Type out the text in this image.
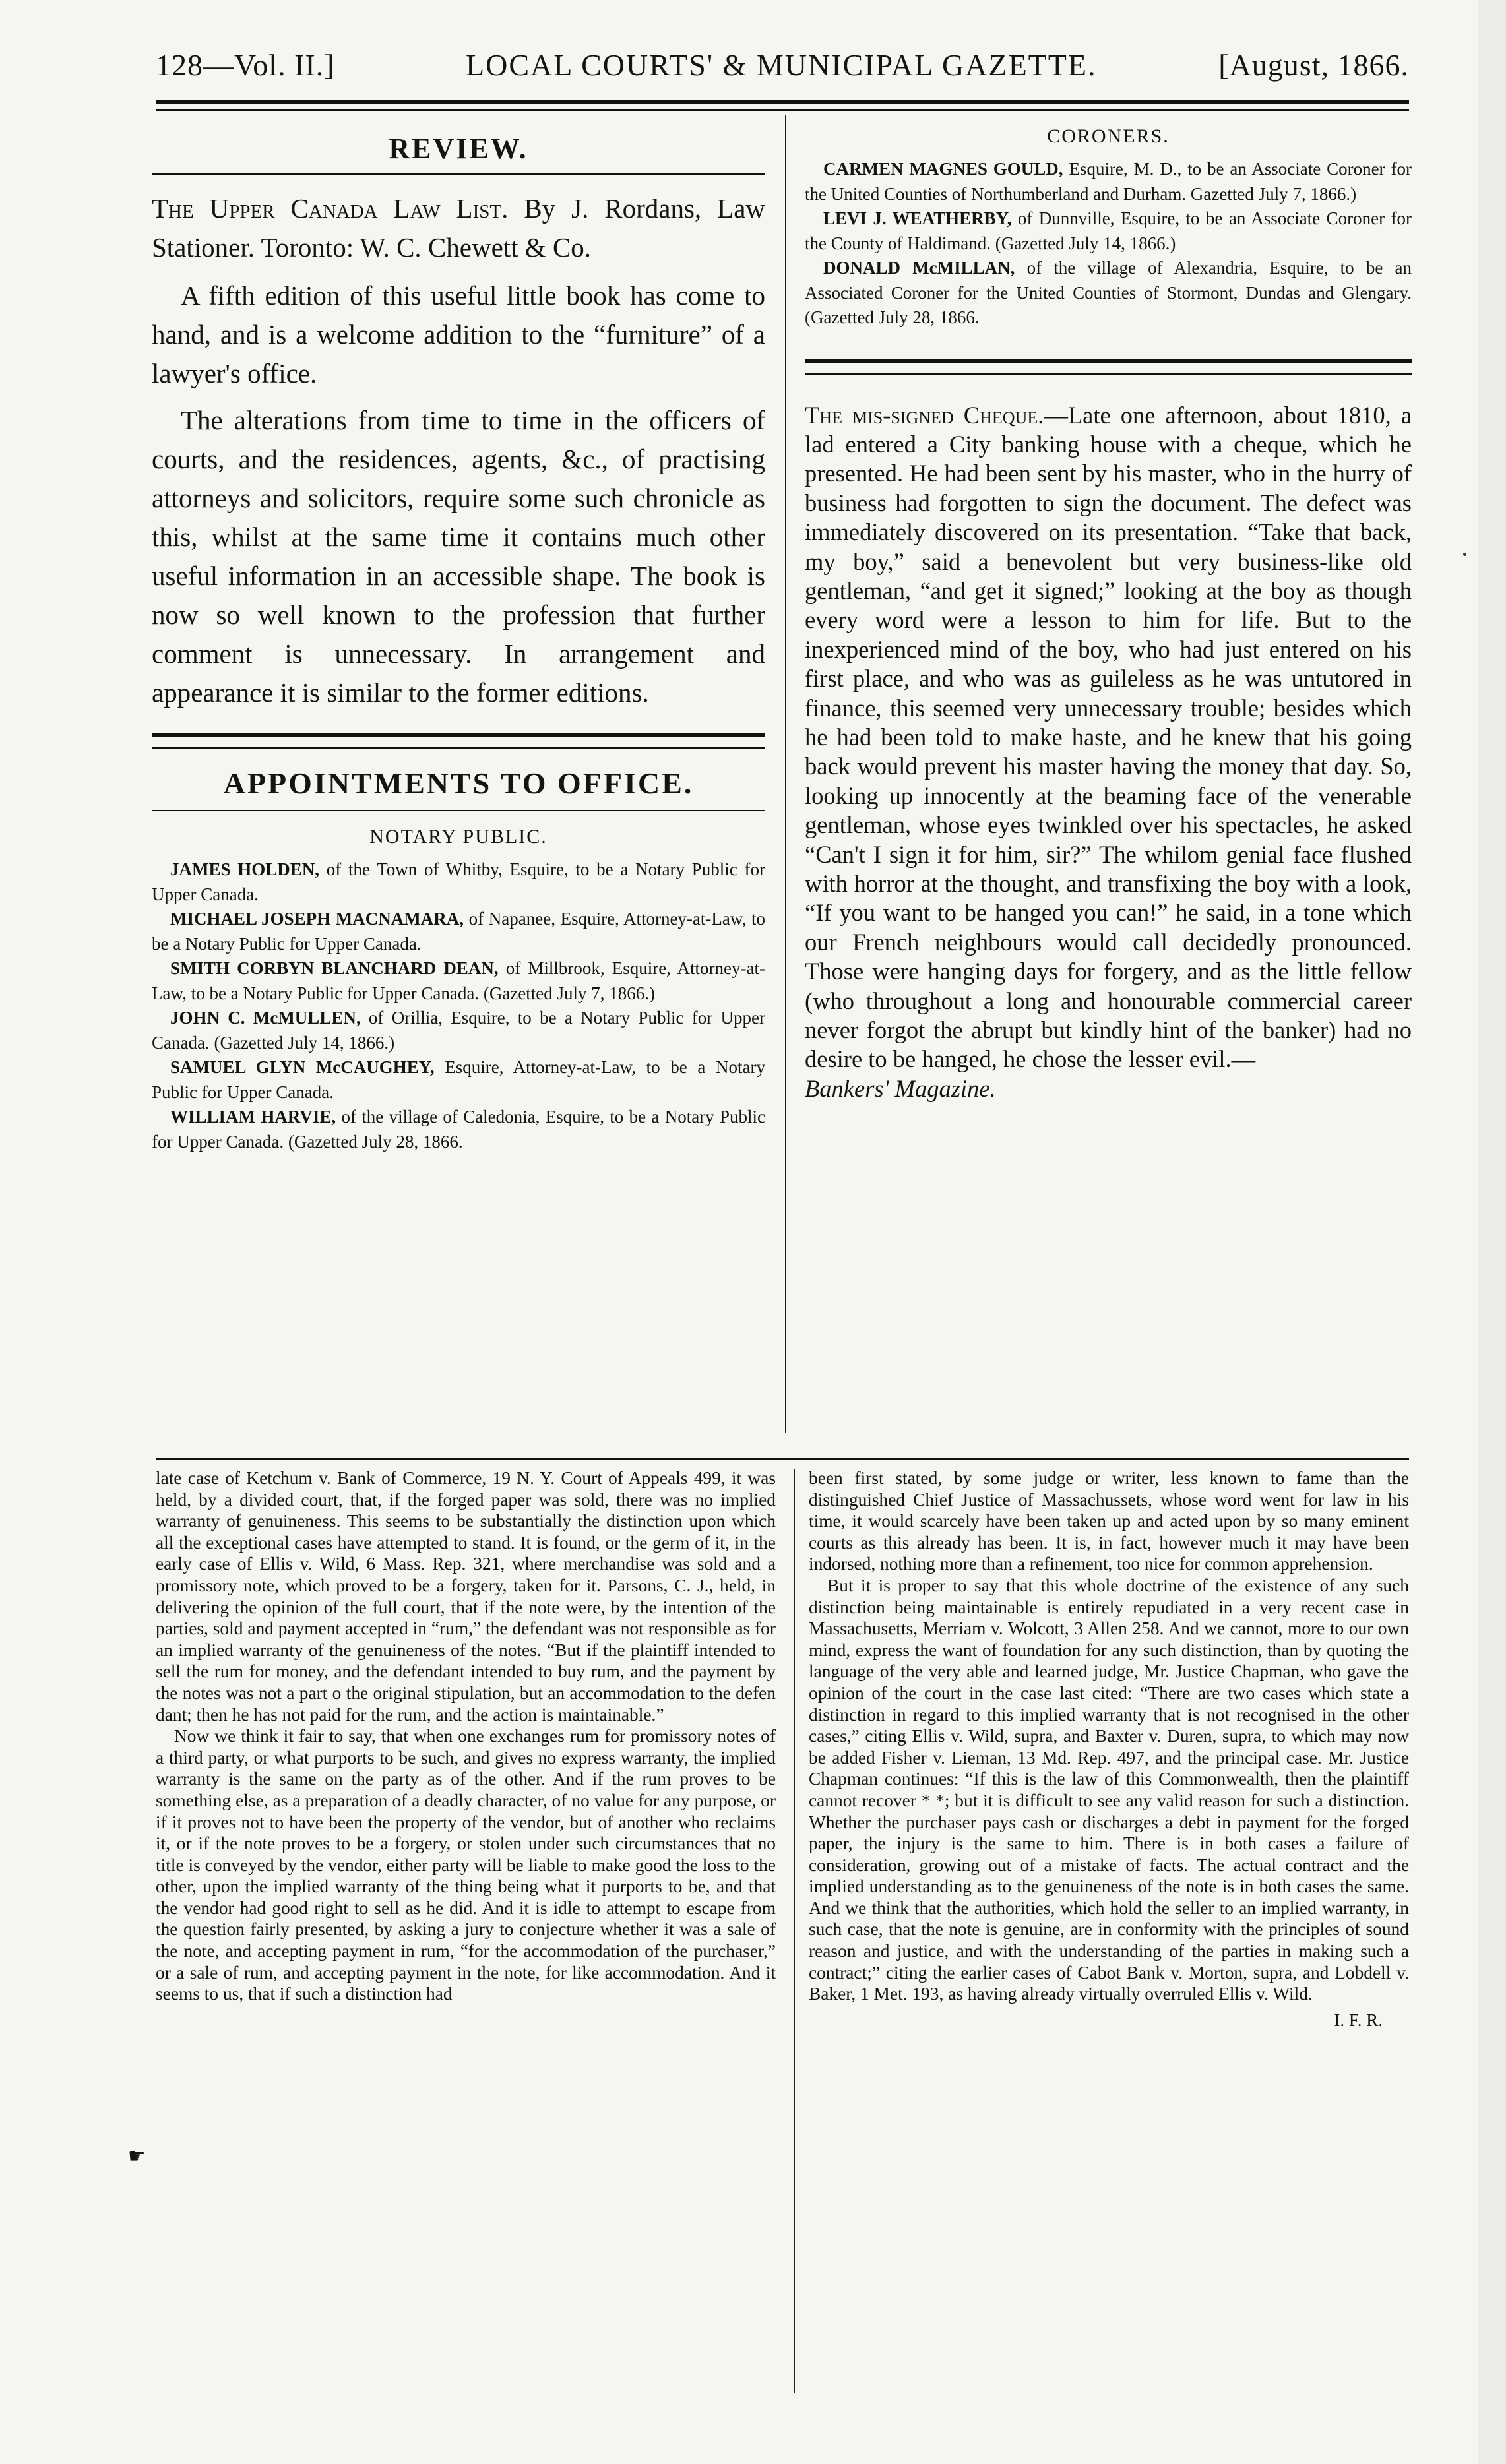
128—Vol. II.]	LOCAL COURTS' & MUNICIPAL GAZETTE.	[August, 1866.
REVIEW.

The Upper Canada Law List. By J. Rordans, Law Stationer. Toronto: W. C. Chewett & Co.

A fifth edition of this useful little book has come to hand, and is a welcome addition to the “furniture” of a lawyer's office.

The alterations from time to time in the officers of courts, and the residences, agents, &c., of practising attorneys and solicitors, require some such chronicle as this, whilst at the same time it contains much other useful information in an accessible shape. The book is now so well known to the profession that further comment is unnecessary. In arrangement and appearance it is similar to the former editions.

APPOINTMENTS TO OFFICE.
NOTARY PUBLIC.

JAMES HOLDEN, of the Town of Whitby, Esquire, to be a Notary Public for Upper Canada.

MICHAEL JOSEPH MACNAMARA, of Napanee, Esquire, Attorney-at-Law, to be a Notary Public for Upper Canada.

SMITH CORBYN BLANCHARD DEAN, of Millbrook, Esquire, Attorney-at-Law, to be a Notary Public for Upper Canada. (Gazetted July 7, 1866.)

JOHN C. McMULLEN, of Orillia, Esquire, to be a Notary Public for Upper Canada. (Gazetted July 14, 1866.)

SAMUEL GLYN McCAUGHEY, Esquire, Attorney-at-Law, to be a Notary Public for Upper Canada.

WILLIAM HARVIE, of the village of Caledonia, Esquire, to be a Notary Public for Upper Canada. (Gazetted July 28, 1866.

CORONERS.

CARMEN MAGNES GOULD, Esquire, M. D., to be an Associate Coroner for the United Counties of Northumberland and Durham. Gazetted July 7, 1866.)

LEVI J. WEATHERBY, of Dunnville, Esquire, to be an Associate Coroner for the County of Haldimand. (Gazetted July 14, 1866.)

DONALD McMILLAN, of the village of Alexandria, Esquire, to be an Associated Coroner for the United Counties of Stormont, Dundas and Glengary. (Gazetted July 28, 1866.

The mis-signed Cheque.—Late one afternoon, about 1810, a lad entered a City banking house with a cheque, which he presented. He had been sent by his master, who in the hurry of business had forgotten to sign the document. The defect was immediately discovered on its presentation. “Take that back, my boy,” said a benevolent but very business-like old gentleman, “and get it signed;” looking at the boy as though every word were a lesson to him for life. But to the inexperienced mind of the boy, who had just entered on his first place, and who was as guileless as he was untutored in finance, this seemed very unnecessary trouble; besides which he had been told to make haste, and he knew that his going back would prevent his master having the money that day. So, looking up innocently at the beaming face of the venerable gentleman, whose eyes twinkled over his spectacles, he asked “Can't I sign it for him, sir?” The whilom genial face flushed with horror at the thought, and transfixing the boy with a look, “If you want to be hanged you can!” he said, in a tone which our French neighbours would call decidedly pronounced. Those were hanging days for forgery, and as the little fellow (who throughout a long and honourable commercial career never forgot the abrupt but kindly hint of the banker) had no desire to be hanged, he chose the lesser evil.—

Bankers' Magazine.

late case of Ketchum v. Bank of Commerce, 19 N. Y. Court of Appeals 499, it was held, by a divided court, that, if the forged paper was sold, there was no implied warranty of genuineness. This seems to be substantially the distinction upon which all the exceptional cases have attempted to stand. It is found, or the germ of it, in the early case of Ellis v. Wild, 6 Mass. Rep. 321, where merchandise was sold and a promissory note, which proved to be a forgery, taken for it. Parsons, C. J., held, in delivering the opinion of the full court, that if the note were, by the intention of the parties, sold and payment accepted in “rum,” the defendant was not responsible as for an implied warranty of the genuineness of the notes. “But if the plaintiff intended to sell the rum for money, and the defendant intended to buy rum, and the payment by the notes was not a part o the original stipulation, but an accommodation to the defen dant; then he has not paid for the rum, and the action is maintainable.”

Now we think it fair to say, that when one exchanges rum for promissory notes of a third party, or what purports to be such, and gives no express warranty, the implied warranty is the same on the party as of the other. And if the rum proves to be something else, as a preparation of a deadly character, of no value for any purpose, or if it proves not to have been the property of the vendor, but of another who reclaims it, or if the note proves to be a forgery, or stolen under such circumstances that no title is conveyed by the vendor, either party will be liable to make good the loss to the other, upon the implied warranty of the thing being what it purports to be, and that the vendor had good right to sell as he did. And it is idle to attempt to escape from the question fairly presented, by asking a jury to conjecture whether it was a sale of the note, and accepting payment in rum, “for the accommodation of the purchaser,” or a sale of rum, and accepting payment in the note, for like accommodation. And it seems to us, that if such a distinction had

been first stated, by some judge or writer, less known to fame than the distinguished Chief Justice of Massachussets, whose word went for law in his time, it would scarcely have been taken up and acted upon by so many eminent courts as this already has been. It is, in fact, however much it may have been indorsed, nothing more than a refinement, too nice for common apprehension.

But it is proper to say that this whole doctrine of the existence of any such distinction being maintainable is entirely repudiated in a very recent case in Massachusetts, Merriam v. Wolcott, 3 Allen 258. And we cannot, more to our own mind, express the want of foundation for any such distinction, than by quoting the language of the very able and learned judge, Mr. Justice Chapman, who gave the opinion of the court in the case last cited: “There are two cases which state a distinction in regard to this implied warranty that is not recognised in the other cases,” citing Ellis v. Wild, supra, and Baxter v. Duren, supra, to which may now be added Fisher v. Lieman, 13 Md. Rep. 497, and the principal case. Mr. Justice Chapman continues: “If this is the law of this Commonwealth, then the plaintiff cannot recover * *; but it is difficult to see any valid reason for such a distinction. Whether the purchaser pays cash or discharges a debt in payment for the forged paper, the injury is the same to him. There is in both cases a failure of consideration, growing out of a mistake of facts. The actual contract and the implied understanding as to the genuineness of the note is in both cases the same. And we think that the authorities, which hold the seller to an implied warranty, in such case, that the note is genuine, are in conformity with the principles of sound reason and justice, and with the understanding of the parties in making such a contract;” citing the earlier cases of Cabot Bank v. Morton, supra, and Lobdell v. Baker, 1 Met. 193, as having already virtually overruled Ellis v. Wild.

I. F. R.
☛
—
